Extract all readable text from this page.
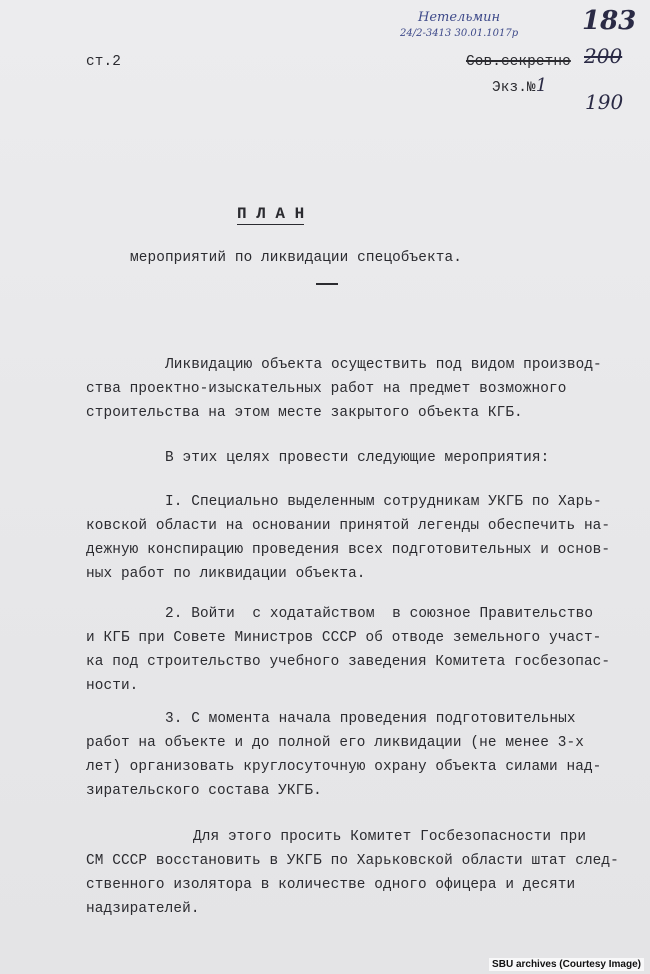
ст.2
Нетельмин
24/2-3413 30.01.1017р 183
200
190
Сов.секретно
Экз.№1
П Л А Н
мероприятий по ликвидации спецобъекта.
Ликвидацию объекта осуществить под видом производ-
ства проектно-изыскательных работ на предмет возможного
строительства на этом месте закрытого объекта КГБ.
В этих целях провести следующие мероприятия:
I. Специально выделенным сотрудникам УКГБ по Харь-
ковской области на основании принятой легенды обеспечить на-
дежную конспирацию проведения всех подготовительных и основ-
ных работ по ликвидации объекта.
2. Войти  с ходатайством  в союзное Правительство
и КГБ при Совете Министров СССР об отводе земельного участ-
ка под строительство учебного заведения Комитета госбезопас-
ности.
3. С момента начала проведения подготовительных
работ на объекте и до полной его ликвидации (не менее 3-х
лет) организовать круглосуточную охрану объекта силами над-
зирательского состава УКГБ.
Для этого просить Комитет Госбезопасности при
СМ СССР восстановить в УКГБ по Харьковской области штат след-
ственного изолятора в количестве одного офицера и десяти
надзирателей.
SBU archives (Courtesy Image)
